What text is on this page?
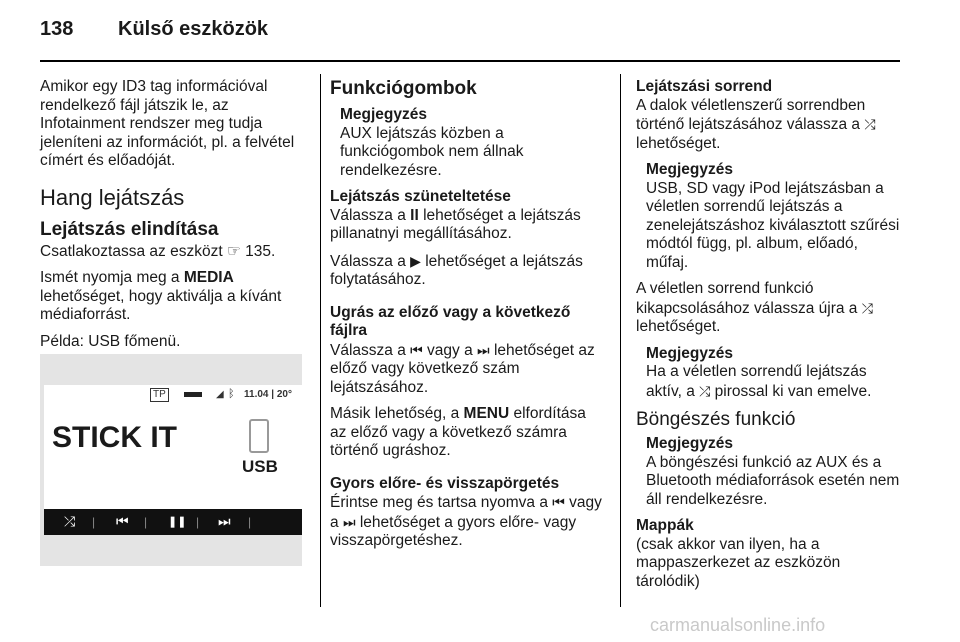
138 Külső eszközök

Amikor egy ID3 tag információval rendelkező fájl játszik le, az Infotainment rendszer meg tudja jeleníteni az információt, pl. a felvétel címért és előadóját.

Hang lejátszás
Lejátszás elindítása

Csatlakoztassa az eszközt ☞ 135.

Ismét nyomja meg a MEDIA lehetőséget, hogy aktiválja a kívánt médiaforrást.

Példa: USB főmenü.

TP	◢ ᛒ 11.04 | 20°
STICK IT
USB
⤮ | ⏮ | ❚❚ | ⏭ |
Funkciógombok
Megjegyzés
AUX lejátszás közben a funkciógombok nem állnak rendelkezésre.
Lejátszás szüneteltetése

Válassza a II lehetőséget a lejátszás pillanatnyi megállításához.

Válassza a ▶ lehetőséget a lejátszás folytatásához.

Ugrás az előző vagy a következő fájlra

Válassza a ⏮ vagy a ⏭ lehetőséget az előző vagy következő szám lejátszásához.

Másik lehetőség, a MENU elfordítása az előző vagy a következő számra történő ugráshoz.

Gyors előre- és visszapörgetés

Érintse meg és tartsa nyomva a ⏮ vagy a ⏭ lehetőséget a gyors előre- vagy visszapörgetéshez.

Lejátszási sorrend

A dalok véletlenszerű sorrendben történő lejátszásához válassza a ⤮ lehetőséget.

Megjegyzés
USB, SD vagy iPod lejátszásban a véletlen sorrendű lejátszás a zenelejátszáshoz kiválasztott szűrési módtól függ, pl. album, előadó, műfaj.

A véletlen sorrend funkció kikapcsolásához válassza újra a ⤮ lehetőséget.

Megjegyzés
Ha a véletlen sorrendű lejátszás aktív, a ⤮ pirossal ki van emelve.
Böngészés funkció
Megjegyzés
A böngészési funkció az AUX és a Bluetooth médiaforrások esetén nem áll rendelkezésre.
Mappák

(csak akkor van ilyen, ha a mappaszerkezet az eszközön tárolódik)

carmanualsonline.info
